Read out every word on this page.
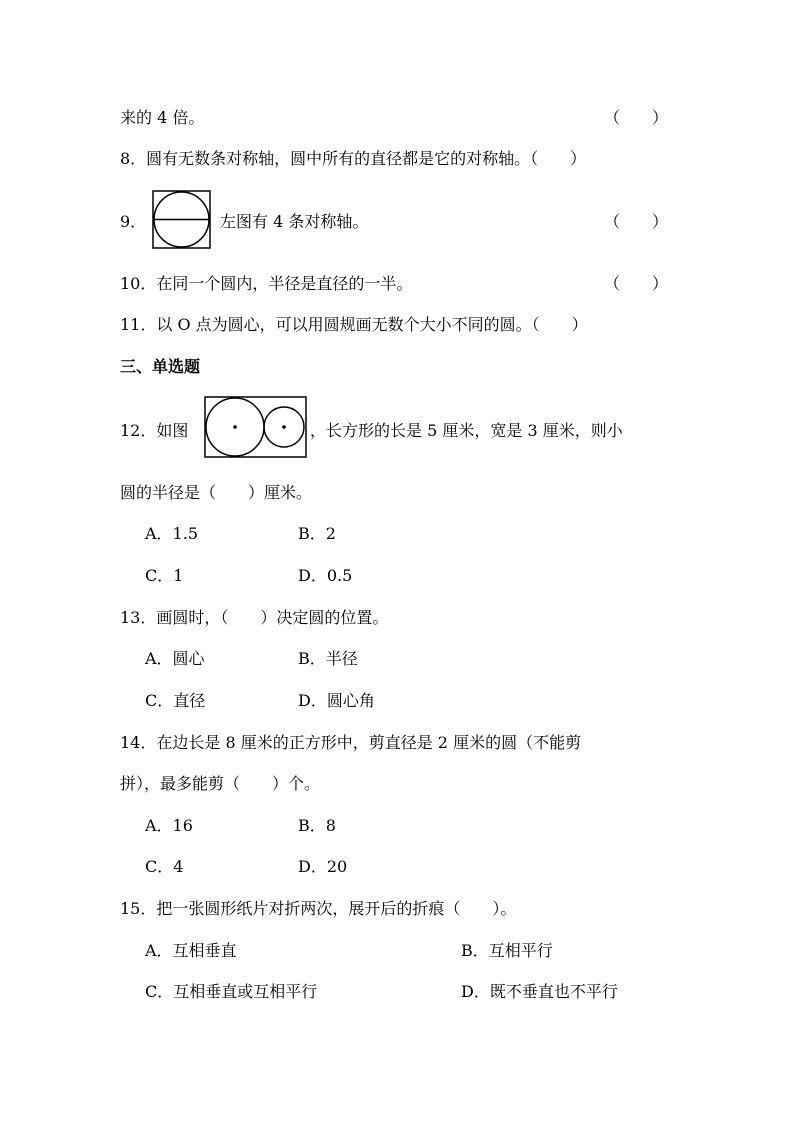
来的 4 倍。	（　　）
8．圆有无数条对称轴，圆中所有的直径都是它的对称轴。（　　）
9．	左图有 4 条对称轴。	（　　）
10．在同一个圆内，半径是直径的一半。	（　　）
11．以 O 点为圆心，可以用圆规画无数个大小不同的圆。（　　）
三、单选题
12．如图	，长方形的长是 5 厘米，宽是 3 厘米，则小
圆的半径是（　　）厘米。
A．1.5	B．2
C．1	D．0.5
13．画圆时，（　　）决定圆的位置。
A．圆心	B．半径
C．直径	D．圆心角
14．在边长是 8 厘米的正方形中，剪直径是 2 厘米的圆（不能剪
拼），最多能剪（　　）个。
A．16	B．8
C．4	D．20
15．把一张圆形纸片对折两次，展开后的折痕（　　）。
A．互相垂直	B．互相平行
C．互相垂直或互相平行	D．既不垂直也不平行
